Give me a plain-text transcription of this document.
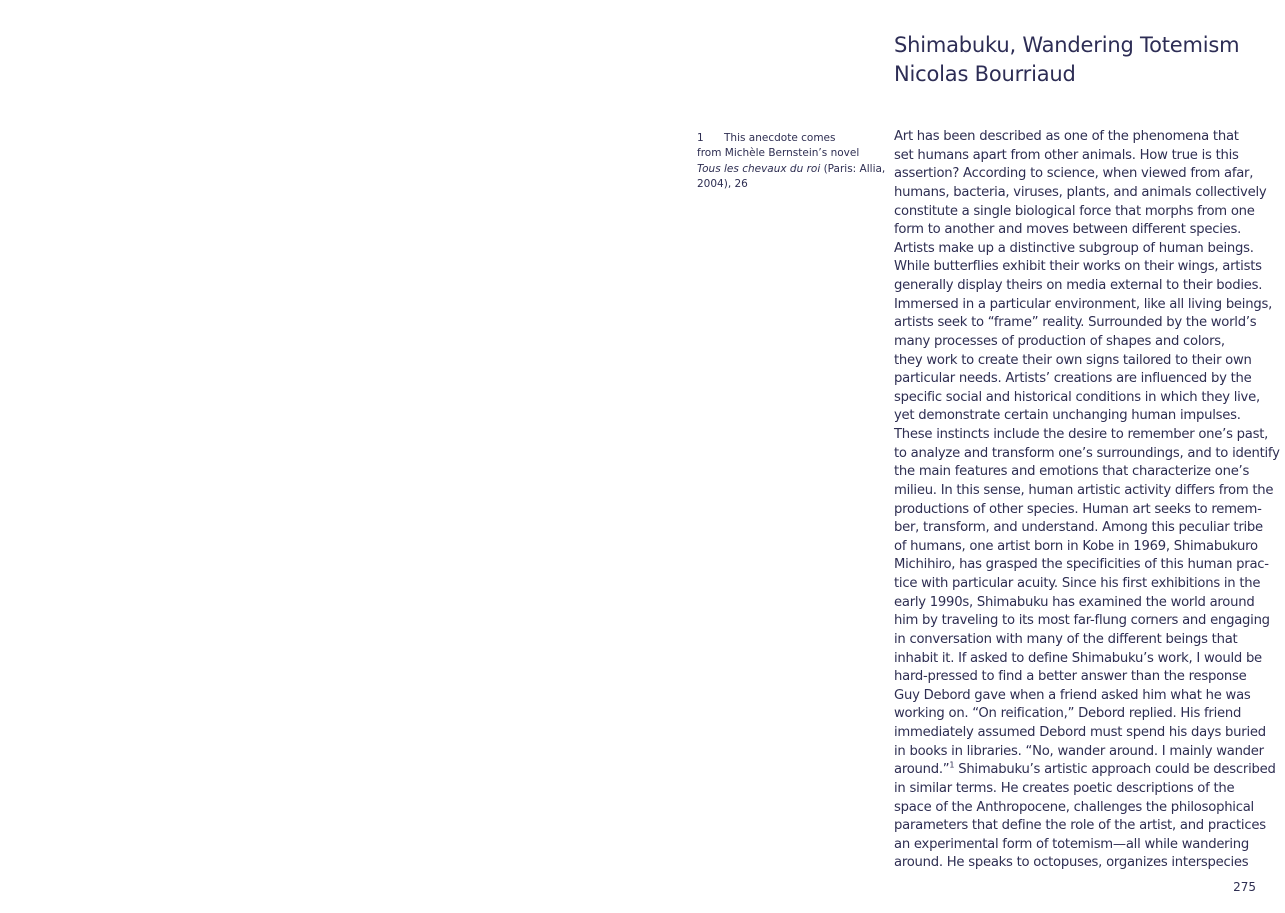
Shimabuku, Wandering Totemism
Nicolas Bourriaud
1 This anecdote comes
from Michèle Bernstein’s novel
Tous les chevaux du roi (Paris: Allia,
2004), 26
Art has been described as one of the phenomena that
set humans apart from other animals. How true is this
assertion? According to science, when viewed from afar,
humans, bacteria, viruses, plants, and animals collectively
constitute a single biological force that morphs from one
form to another and moves between different species.
Artists make up a distinctive subgroup of human beings.
While butterflies exhibit their works on their wings, artists
generally display theirs on media external to their bodies.
Immersed in a particular environment, like all living beings,
artists seek to “frame” reality. Surrounded by the world’s
many processes of production of shapes and colors,
they work to create their own signs tailored to their own
particular needs. Artists’ creations are influenced by the
specific social and historical conditions in which they live,
yet demonstrate certain unchanging human impulses.
These instincts include the desire to remember one’s past,
to analyze and transform one’s surroundings, and to identify
the main features and emotions that characterize one’s
milieu. In this sense, human artistic activity differs from the
productions of other species. Human art seeks to remem-
ber, transform, and understand. Among this peculiar tribe
of humans, one artist born in Kobe in 1969, Shimabukuro
Michihiro, has grasped the specificities of this human prac-
tice with particular acuity. Since his first exhibitions in the
early 1990s, Shimabuku has examined the world around
him by traveling to its most far-flung corners and engaging
in conversation with many of the different beings that
inhabit it. If asked to define Shimabuku’s work, I would be
hard-pressed to find a better answer than the response
Guy Debord gave when a friend asked him what he was
working on. “On reification,” Debord replied. His friend
immediately assumed Debord must spend his days buried
in books in libraries. “No, wander around. I mainly wander
around.”$^1$ Shimabuku’s artistic approach could be described
in similar terms. He creates poetic descriptions of the
space of the Anthropocene, challenges the philosophical
parameters that define the role of the artist, and practices
an experimental form of totemism—all while wandering
around. He speaks to octopuses, organizes interspecies
275
